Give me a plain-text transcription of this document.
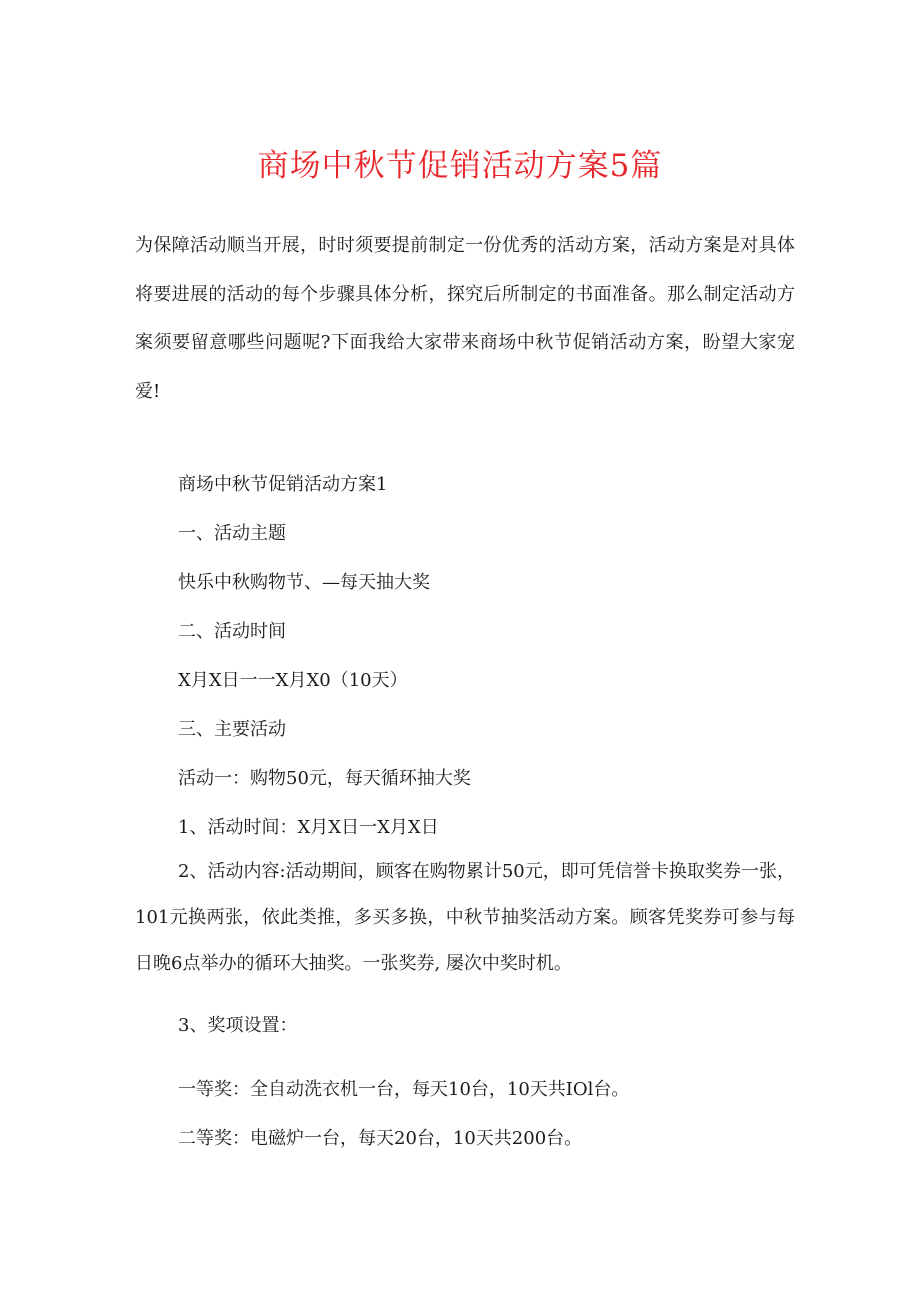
商场中秋节促销活动方案5篇

为保障活动顺当开展，时时须要提前制定一份优秀的活动方案，活动方案是对具体将要进展的活动的每个步骤具体分析，探究后所制定的书面准备。那么制定活动方案须要留意哪些问题呢?下面我给大家带来商场中秋节促销活动方案，盼望大家宠爱!

商场中秋节促销活动方案1

一、活动主题

快乐中秋购物节、—每天抽大奖

二、活动时间

X月X日一一X月X0（10天）

三、主要活动

活动一：购物50元，每天循环抽大奖

1、活动时间：X月X日一X月X日

2、活动内容:活动期间，顾客在购物累计50元，即可凭信誉卡换取奖券一张，101元换两张，依此类推，多买多换，中秋节抽奖活动方案。顾客凭奖券可参与每日晚6点举办的循环大抽奖。一张奖券, 屡次中奖时机。

3、奖项设置：

一等奖：全自动洗衣机一台，每天10台，10天共IOl台。

二等奖：电磁炉一台，每天20台，10天共200台。
